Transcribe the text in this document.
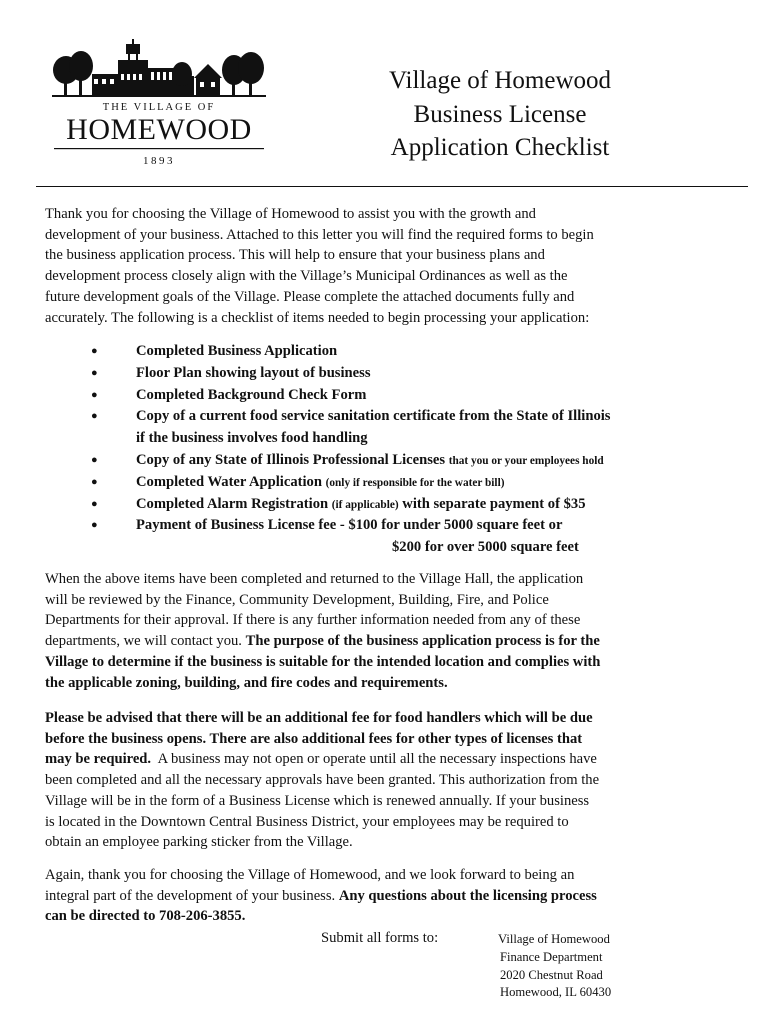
THE VILLAGE OF
HOMEWOOD
1893
Village of Homewood
Business License
Application Checklist
Thank you for choosing the Village of Homewood to assist you with the growth and
development of your business. Attached to this letter you will find the required forms to begin
the business application process. This will help to ensure that your business plans and
development process closely align with the Village’s Municipal Ordinances as well as the
future development goals of the Village. Please complete the attached documents fully and
accurately. The following is a checklist of items needed to begin processing your application:
●	Completed Business Application
●	Floor Plan showing layout of business
●	Completed Background Check Form
●	Copy of a current food service sanitation certificate from the State of Illinois
if the business involves food handling
●	Copy of any State of Illinois Professional Licenses that you or your employees hold
●	Completed Water Application (only if responsible for the water bill)
●	Completed Alarm Registration (if applicable) with separate payment of $35
●	Payment of Business License fee - $100 for under 5000 square feet or
$200 for over 5000 square feet
When the above items have been completed and returned to the Village Hall, the application
will be reviewed by the Finance, Community Development, Building, Fire, and Police
Departments for their approval. If there is any further information needed from any of these
departments, we will contact you. The purpose of the business application process is for the
Village to determine if the business is suitable for the intended location and complies with
the applicable zoning, building, and fire codes and requirements.
Please be advised that there will be an additional fee for food handlers which will be due
before the business opens. There are also additional fees for other types of licenses that
may be required.  A business may not open or operate until all the necessary inspections have
been completed and all the necessary approvals have been granted. This authorization from the
Village will be in the form of a Business License which is renewed annually. If your business
is located in the Downtown Central Business District, your employees may be required to
obtain an employee parking sticker from the Village.
Again, thank you for choosing the Village of Homewood, and we look forward to being an
integral part of the development of your business. Any questions about the licensing process
can be directed to 708-206-3855.
Submit all forms to:	Village of Homewood
Finance Department
2020 Chestnut Road
Homewood, IL 60430
